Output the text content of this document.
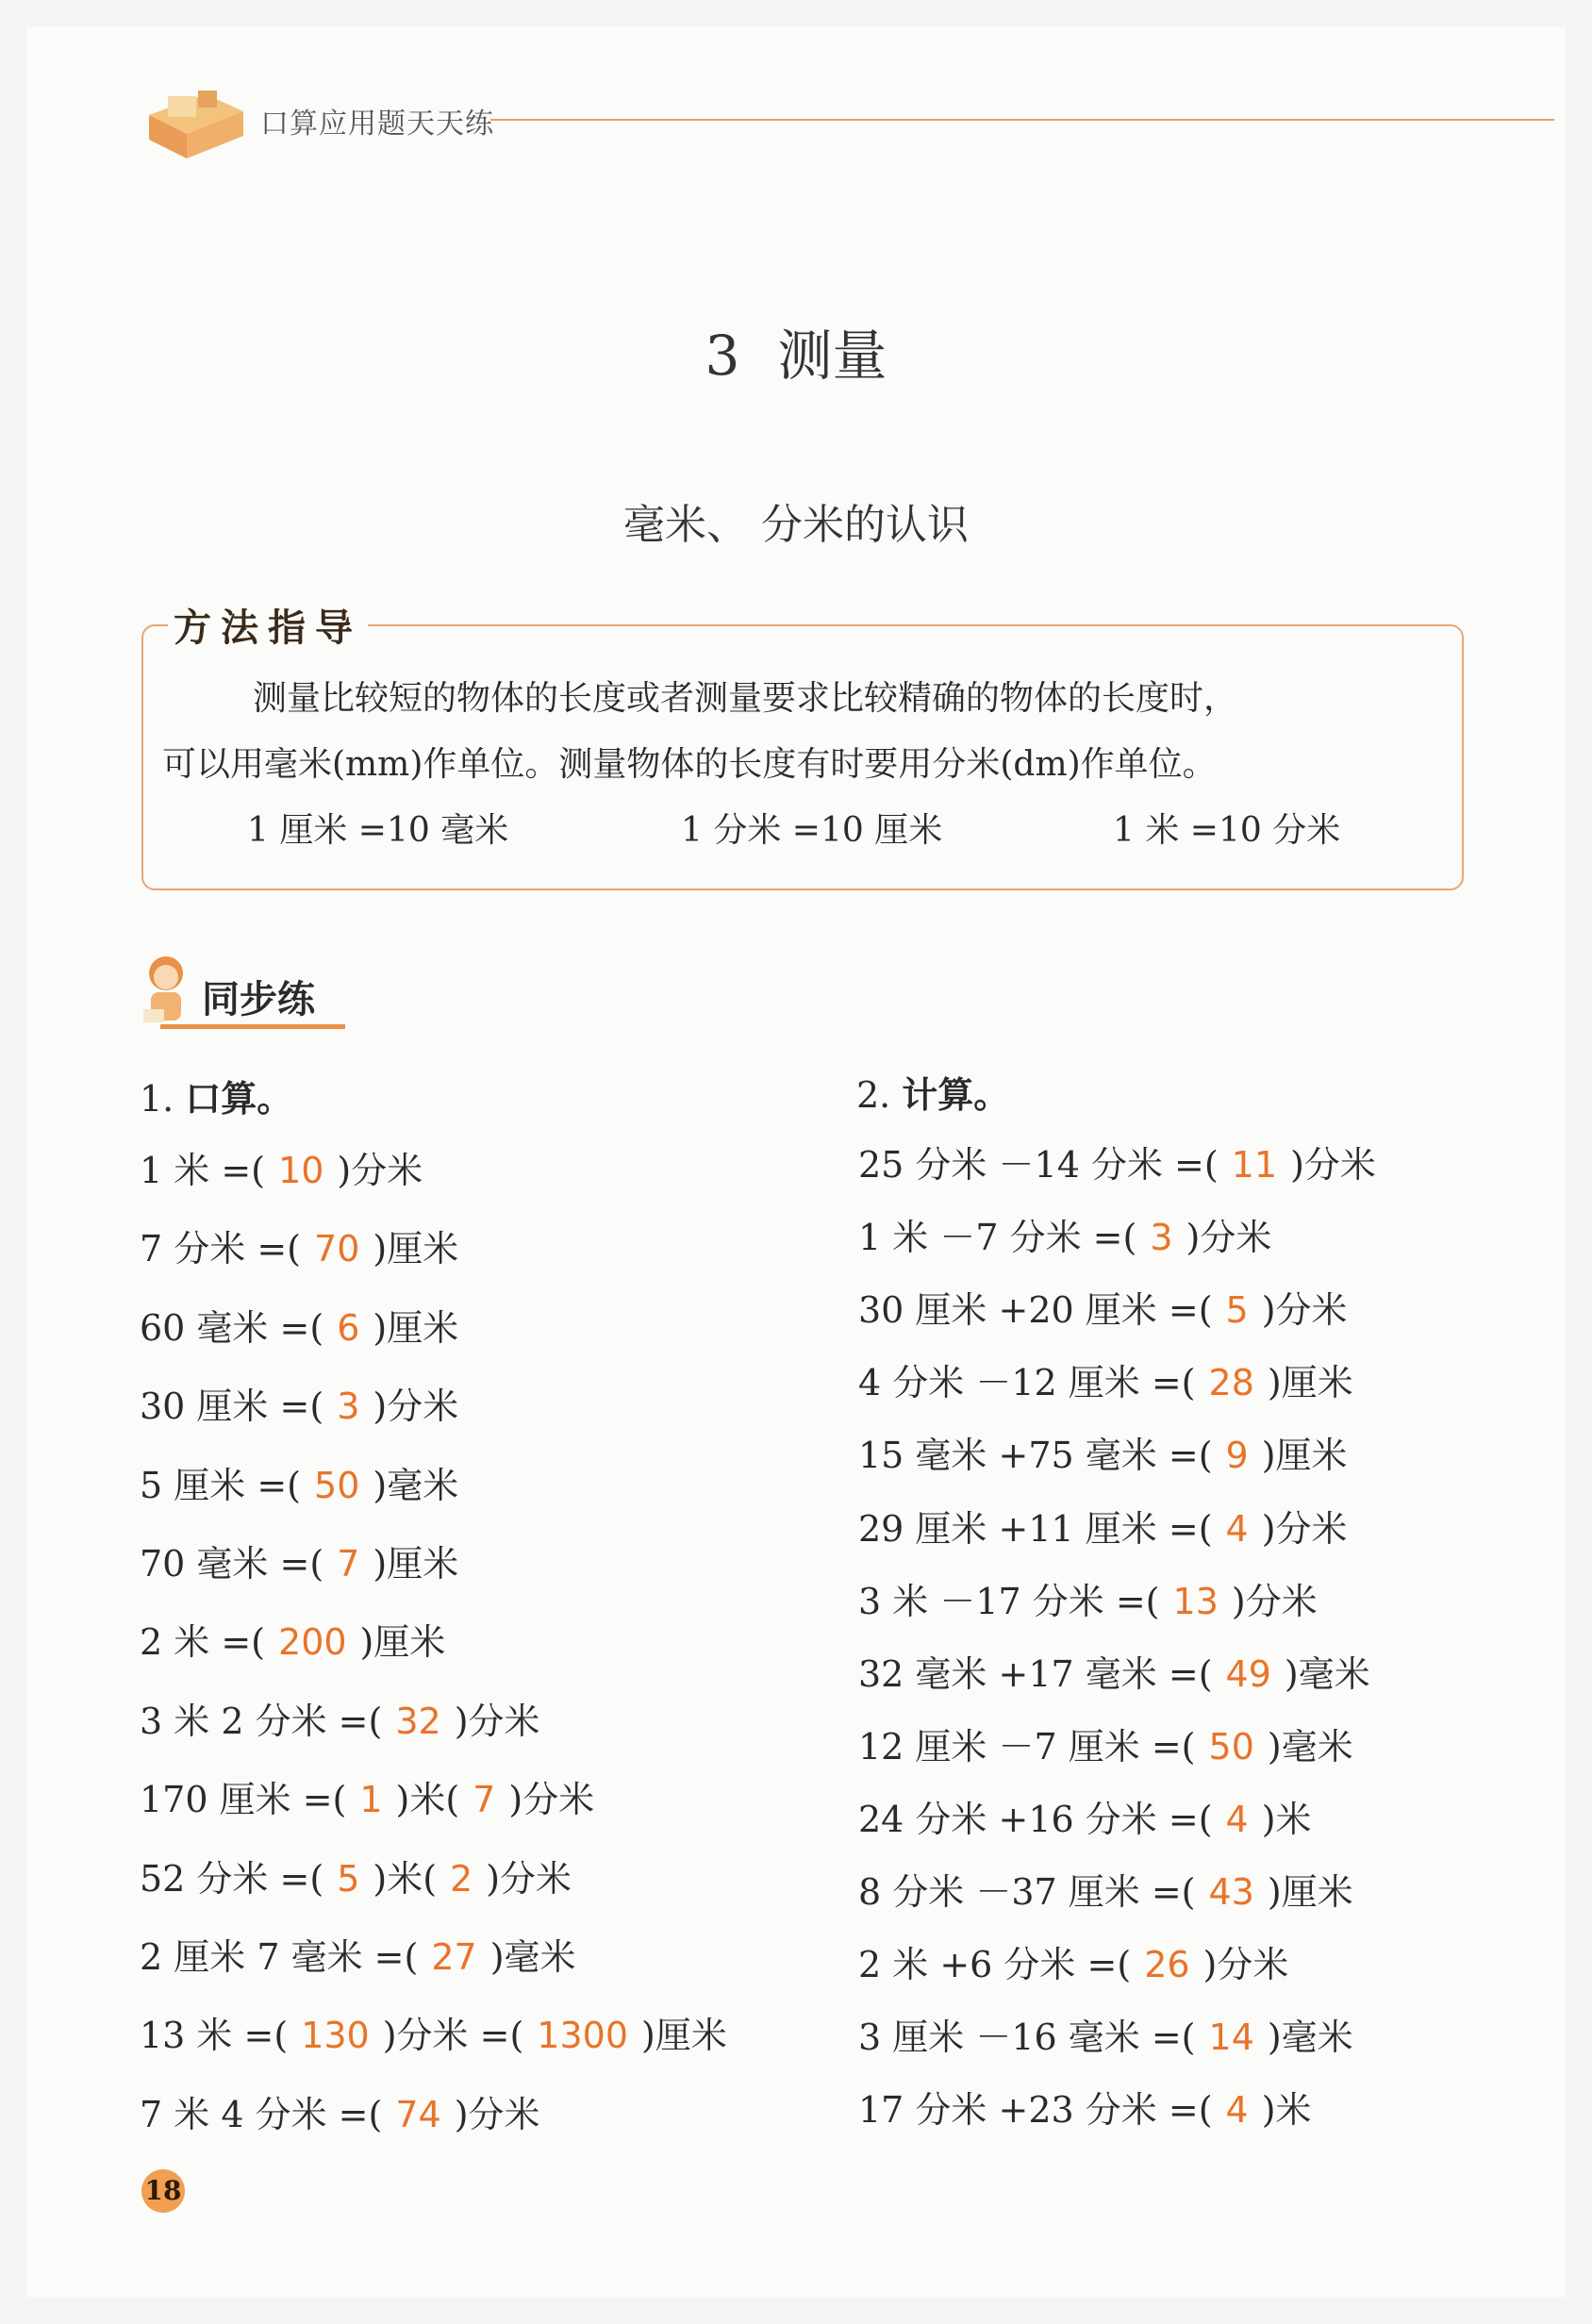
口算应用题天天练
3 测量
毫米、 分米的认识
方法指导
测量比较短的物体的长度或者测量要求比较精确的物体的长度时，
可以用毫米(mm)作单位。测量物体的长度有时要用分米(dm)作单位。
1 厘米 =10 毫米	1 分米 =10 厘米	1 米 =10 分米
同步练
1. 口算。	2. 计算。
1 米 =( 10 )分米
7 分米 =( 70 )厘米
60 毫米 =( 6 )厘米
30 厘米 =( 3 )分米
5 厘米 =( 50 )毫米
70 毫米 =( 7 )厘米
2 米 =( 200 )厘米
3 米 2 分米 =( 32 )分米
170 厘米 =( 1 )米( 7 )分米
52 分米 =( 5 )米( 2 )分米
2 厘米 7 毫米 =( 27 )毫米
13 米 =( 130 )分米 =( 1300 )厘米
7 米 4 分米 =( 74 )分米
25 分米 －14 分米 =( 11 )分米
1 米 －7 分米 =( 3 )分米
30 厘米 +20 厘米 =( 5 )分米
4 分米 －12 厘米 =( 28 )厘米
15 毫米 +75 毫米 =( 9 )厘米
29 厘米 +11 厘米 =( 4 )分米
3 米 －17 分米 =( 13 )分米
32 毫米 +17 毫米 =( 49 )毫米
12 厘米 －7 厘米 =( 50 )毫米
24 分米 +16 分米 =( 4 )米
8 分米 －37 厘米 =( 43 )厘米
2 米 +6 分米 =( 26 )分米
3 厘米 －16 毫米 =( 14 )毫米
17 分米 +23 分米 =( 4 )米
18
